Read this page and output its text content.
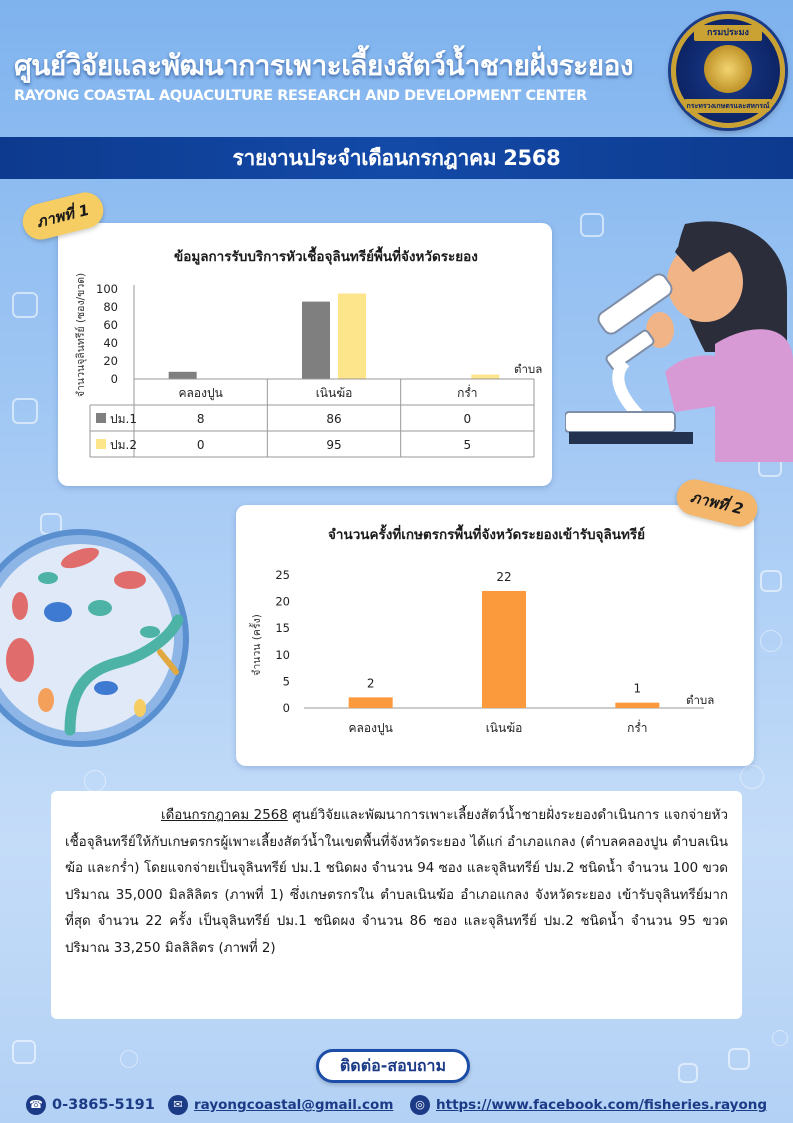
ศูนย์วิจัยและพัฒนาการเพาะเลี้ยงสัตว์น้ำชายฝั่งระยอง
RAYONG COASTAL AQUACULTURE RESEARCH AND DEVELOPMENT CENTER
กรมประมง
กระทรวงเกษตรและสหกรณ์
รายงานประจำเดือนกรกฎาคม 2568
ข้อมูลการรับบริการหัวเชื้อจุลินทรีย์พื้นที่จังหวัดระยอง
จำนวนจุลินทรีย์ (ซอง/ขวด) 0
20
40
60
80
100
ตำบล
คลองปูน	เนินฆ้อ	กร่ำ
ปม.1	8	86	0
ปม.2	0	95	5
ภาพที่ 1
จำนวนครั้งที่เกษตรกรพื้นที่จังหวัดระยองเข้ารับจุลินทรีย์
จำนวน (ครั้ง)
0
5
10
15
20
25
ตำบล
2
คลองปูน
22
เนินฆ้อ
1
กร่ำ
ภาพที่ 2
เดือนกรกฎาคม 2568 ศูนย์วิจัยและพัฒนาการเพาะเลี้ยงสัตว์น้ำชายฝั่งระยองดำเนินการ แจกจ่ายหัวเชื้อจุลินทรีย์ให้กับเกษตรกรผู้เพาะเลี้ยงสัตว์น้ำในเขตพื้นที่จังหวัดระยอง ได้แก่ อำเภอแกลง (ตำบลคลองปูน ตำบลเนินฆ้อ และกร่ำ) โดยแจกจ่ายเป็นจุลินทรีย์ ปม.1 ชนิดผง จำนวน 94 ซอง และจุลินทรีย์ ปม.2 ชนิดน้ำ จำนวน 100 ขวด ปริมาณ 35,000 มิลลิลิตร (ภาพที่ 1) ซึ่งเกษตรกรใน ตำบลเนินฆ้อ อำเภอแกลง จังหวัดระยอง เข้ารับจุลินทรีย์มากที่สุด จำนวน 22 ครั้ง เป็นจุลินทรีย์ ปม.1 ชนิดผง จำนวน 86 ซอง และจุลินทรีย์ ปม.2 ชนิดน้ำ จำนวน 95 ขวด ปริมาณ 33,250 มิลลิลิตร (ภาพที่ 2)
ติดต่อ-สอบถาม
☎ 0-3865-5191	✉ rayongcoastal@gmail.com	◎ https://www.facebook.com/fisheries.rayong
